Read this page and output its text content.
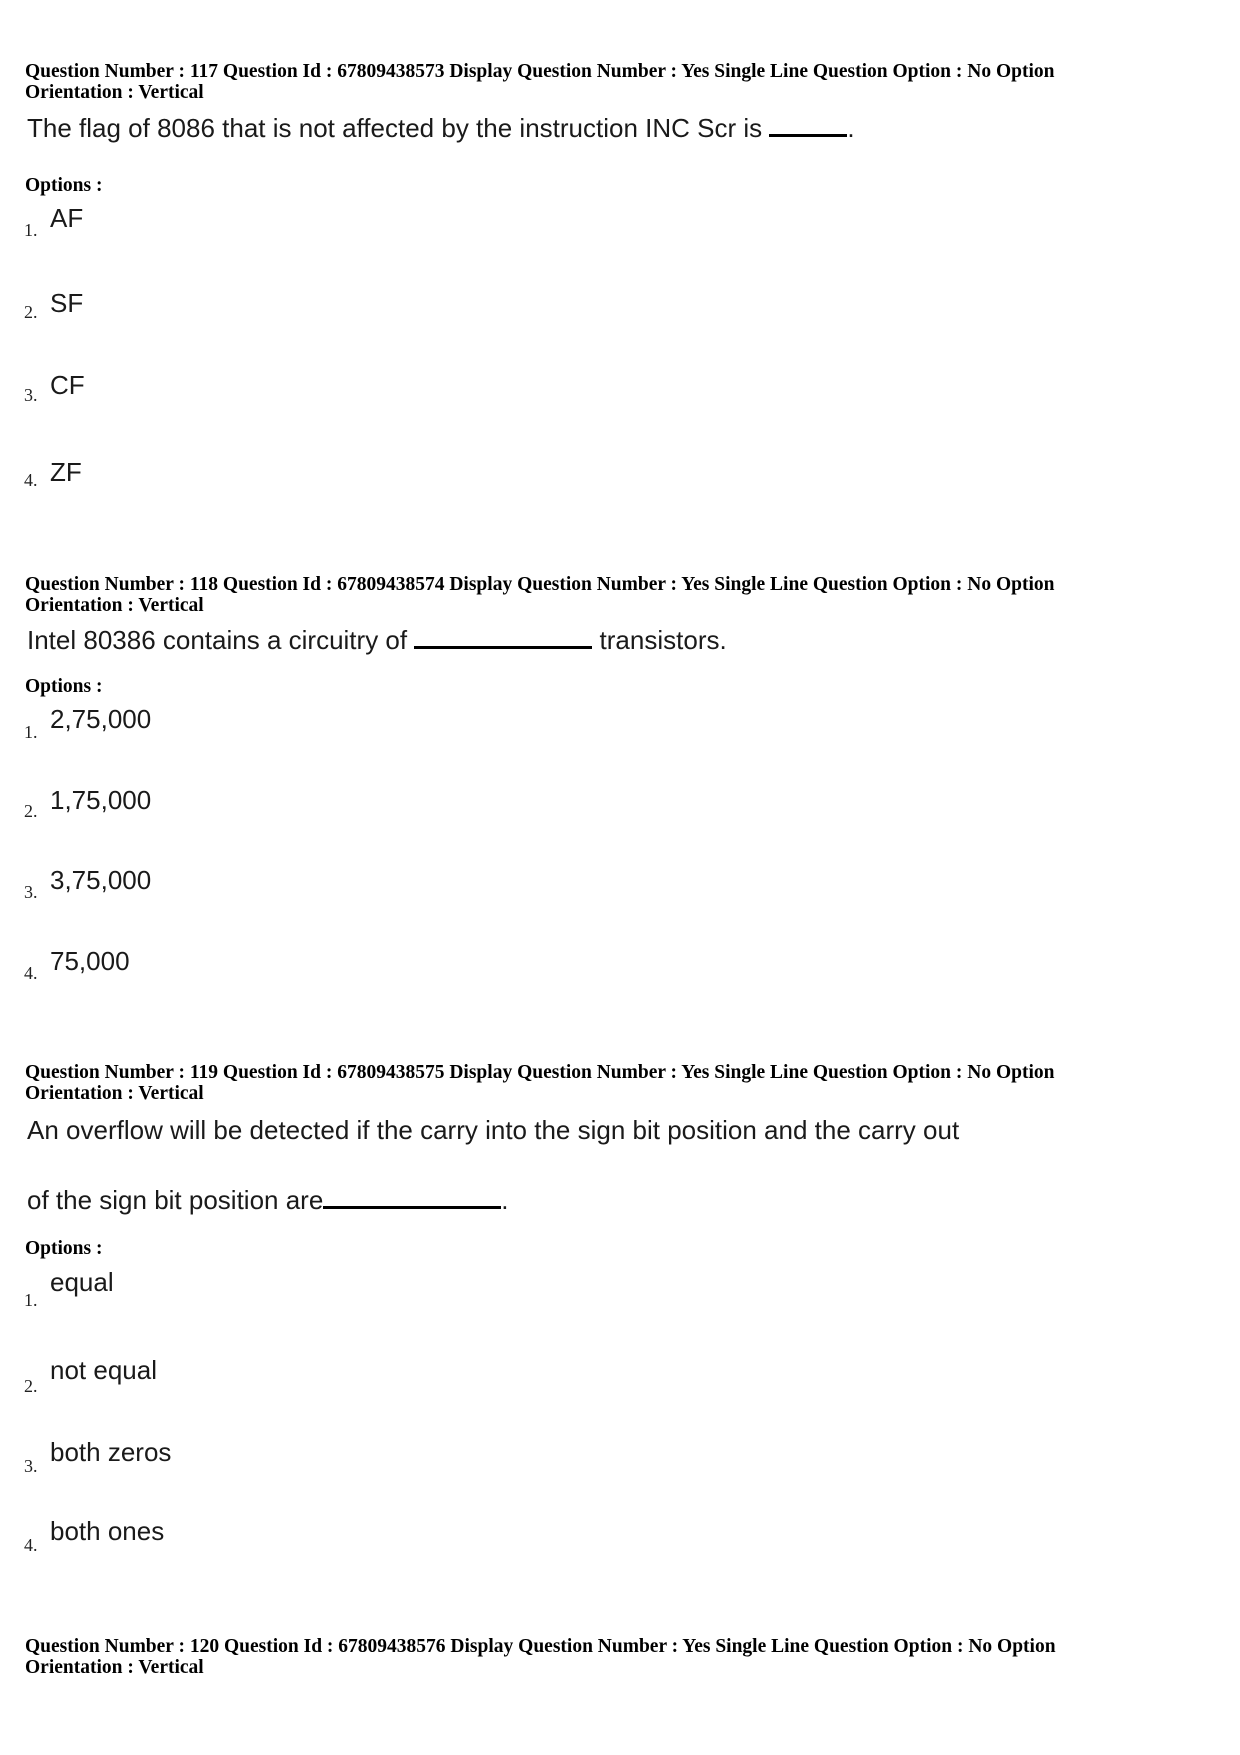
Question Number : 117 Question Id : 67809438573 Display Question Number : Yes Single Line Question Option : No Option
Orientation : Vertical
The flag of 8086 that is not affected by the instruction INC Scr is	.
Options :
1. AF
2. SF
3. CF
4. ZF
Question Number : 118 Question Id : 67809438574 Display Question Number : Yes Single Line Question Option : No Option
Orientation : Vertical
Intel 80386 contains a circuitry of	transistors.
Options :
1. 2,75,000
2. 1,75,000
3. 3,75,000
4. 75,000
Question Number : 119 Question Id : 67809438575 Display Question Number : Yes Single Line Question Option : No Option
Orientation : Vertical
An overflow will be detected if the carry into the sign bit position and the carry out
of the sign bit position are	.
Options :
1.
equal
2.
not equal
3. both zeros
4. both ones
Question Number : 120 Question Id : 67809438576 Display Question Number : Yes Single Line Question Option : No Option
Orientation : Vertical
